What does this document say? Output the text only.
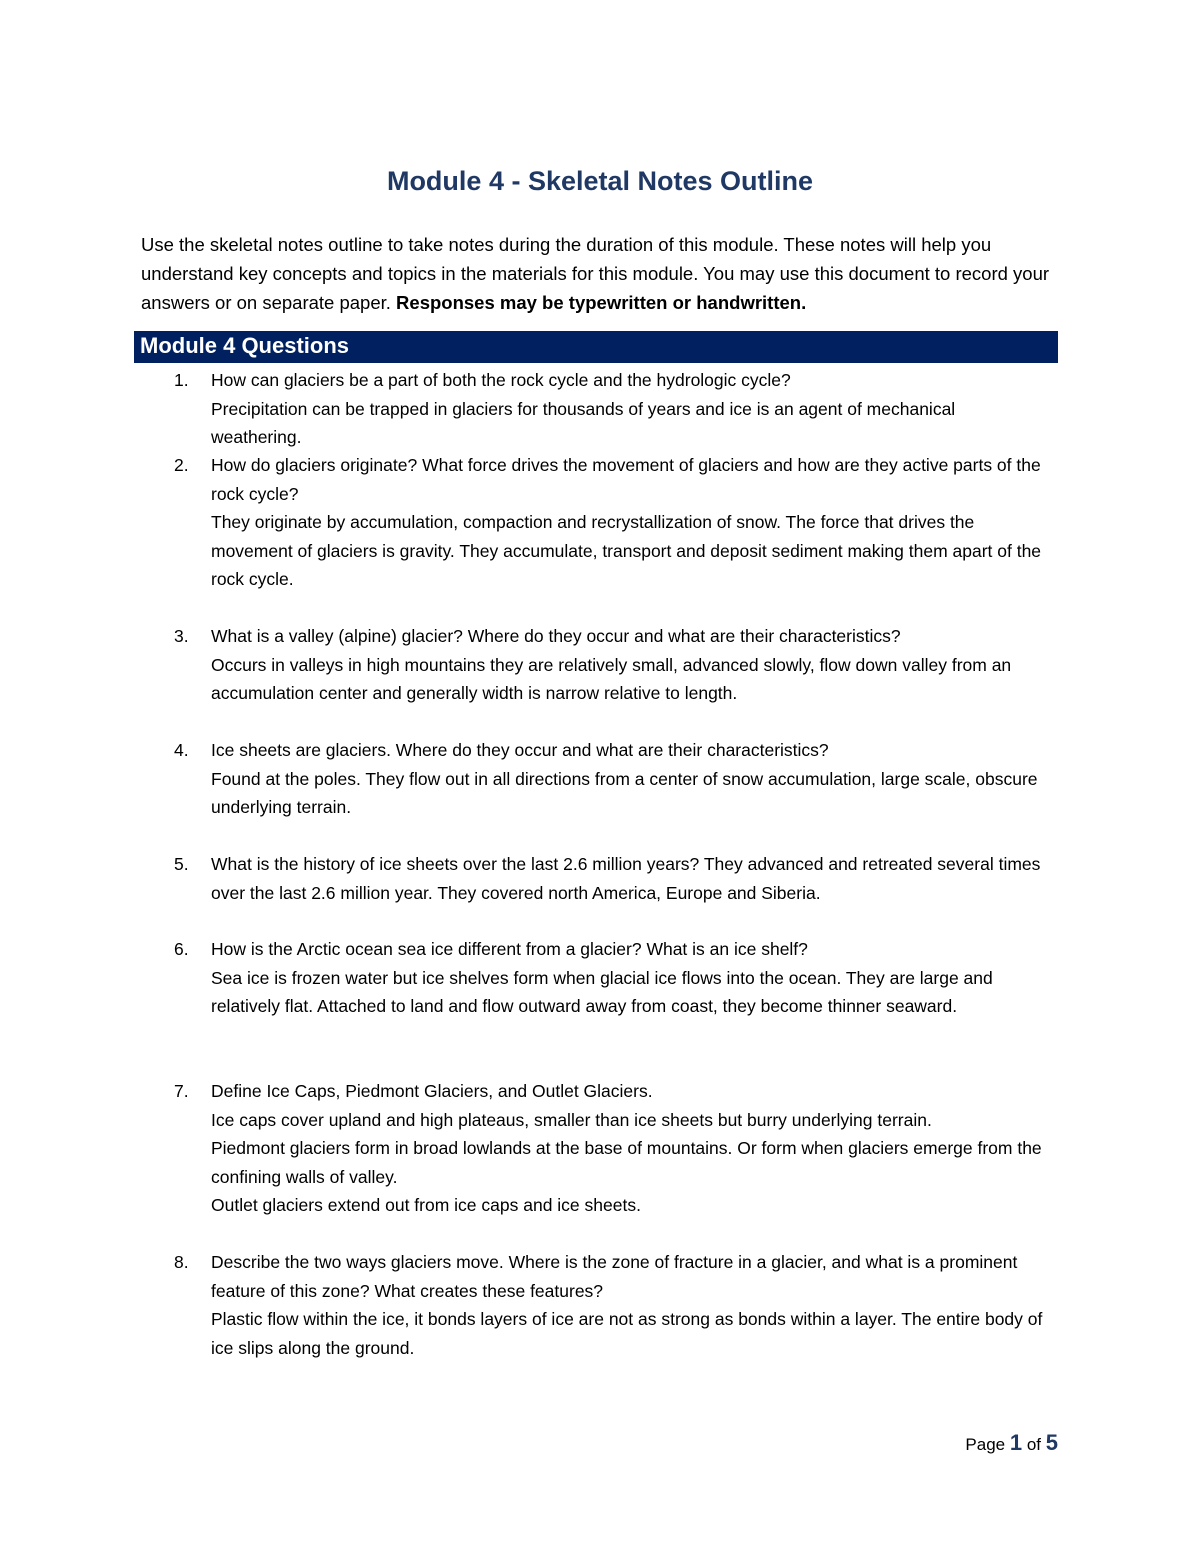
Module 4 - Skeletal Notes Outline
Use the skeletal notes outline to take notes during the duration of this module. These notes will help you understand key concepts and topics in the materials for this module. You may use this document to record your answers or on separate paper. Responses may be typewritten or handwritten.
Module 4 Questions
1. How can glaciers be a part of both the rock cycle and the hydrologic cycle?
Precipitation can be trapped in glaciers for thousands of years and ice is an agent of mechanical weathering.
2. How do glaciers originate? What force drives the movement of glaciers and how are they active parts of the rock cycle?
They originate by accumulation, compaction and recrystallization of snow. The force that drives the movement of glaciers is gravity. They accumulate, transport and deposit sediment making them apart of the rock cycle.
3. What is a valley (alpine) glacier? Where do they occur and what are their characteristics?
Occurs in valleys in high mountains they are relatively small, advanced slowly, flow down valley from an accumulation center and generally width is narrow relative to length.
4. Ice sheets are glaciers. Where do they occur and what are their characteristics?
Found at the poles. They flow out in all directions from a center of snow accumulation, large scale, obscure underlying terrain.
5. What is the history of ice sheets over the last 2.6 million years? They advanced and retreated several times over the last 2.6 million year. They covered north America, Europe and Siberia.
6. How is the Arctic ocean sea ice different from a glacier? What is an ice shelf?
Sea ice is frozen water but ice shelves form when glacial ice flows into the ocean. They are large and relatively flat. Attached to land and flow outward away from coast, they become thinner seaward.
7. Define Ice Caps, Piedmont Glaciers, and Outlet Glaciers.
Ice caps cover upland and high plateaus, smaller than ice sheets but burry underlying terrain.
Piedmont glaciers form in broad lowlands at the base of mountains. Or form when glaciers emerge from the confining walls of valley.
Outlet glaciers extend out from ice caps and ice sheets.
8. Describe the two ways glaciers move. Where is the zone of fracture in a glacier, and what is a prominent feature of this zone? What creates these features?
Plastic flow within the ice, it bonds layers of ice are not as strong as bonds within a layer. The entire body of ice slips along the ground.
Page 1 of 5
